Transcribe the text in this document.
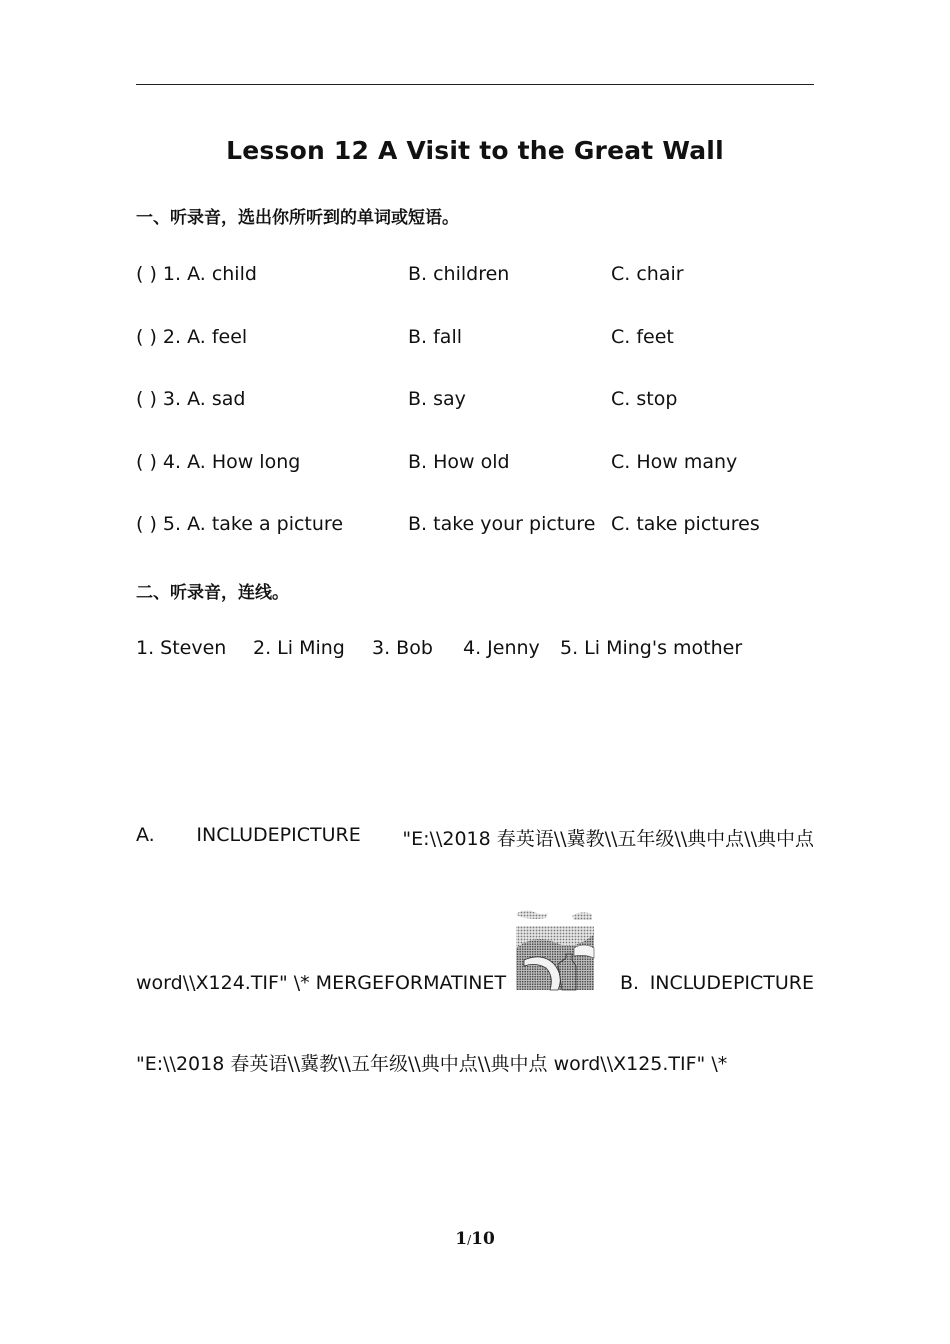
Lesson 12 A Visit to the Great Wall
一、听录音，选出你所听到的单词或短语。
( ) 1. A. child	B. children	C. chair
( ) 2. A. feel	B. fall	C. feet
( ) 3. A. sad	B. say	C. stop
( ) 4. A. How long	B. How old	C. How many
( ) 5. A. take a picture	B. take your picture C. take pictures
二、听录音，连线。
1. Steven 2. Li Ming 3. Bob 4. Jenny 5. Li Ming's mother
A. INCLUDEPICTURE "E:\\2018 春英语\\冀教\\五年级\\典中点\\典中点
word\\X124.TIF" \* MERGEFORMATINET	B. INCLUDEPICTURE
"E:\\2018 春英语\\冀教\\五年级\\典中点\\典中点 word\\X125.TIF" \*
1/10
